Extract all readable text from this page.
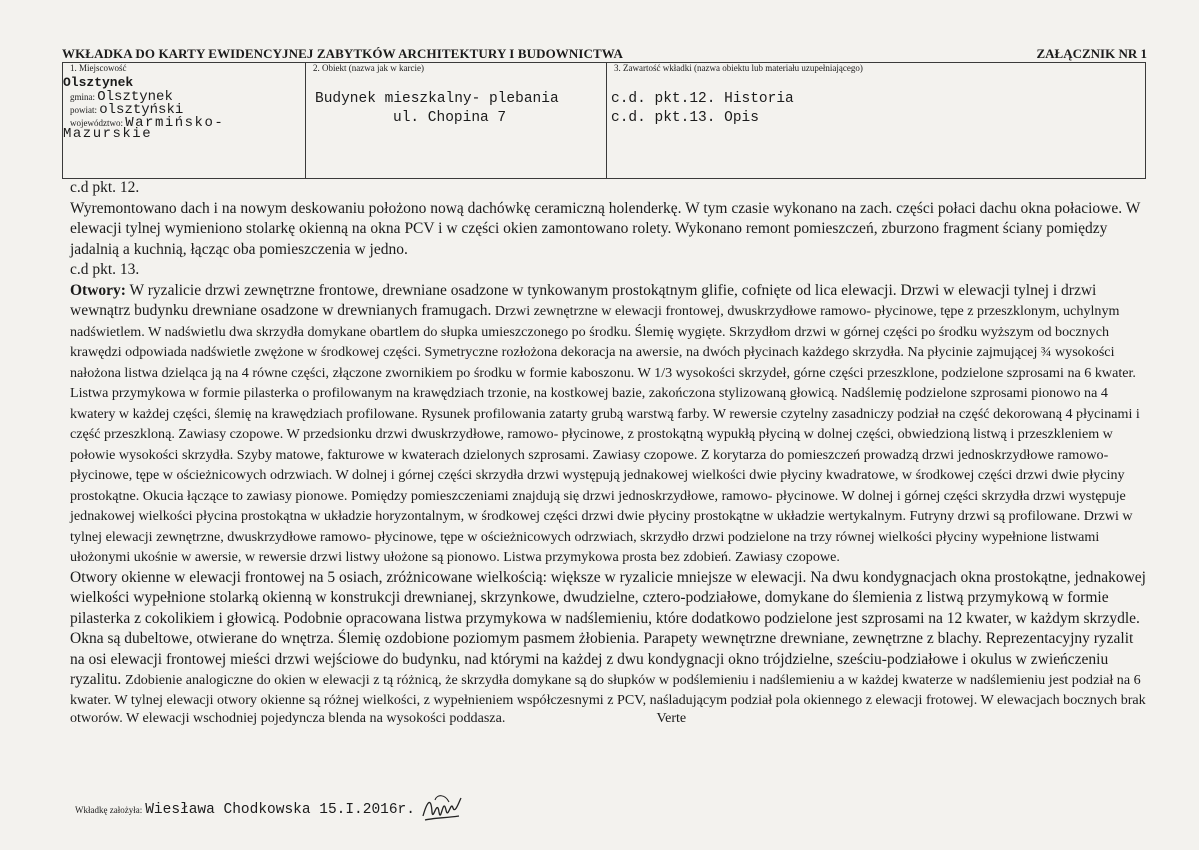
WKŁADKA DO KARTY EWIDENCYJNEJ ZABYTKÓW ARCHITEKTURY I BUDOWNICTWA	ZAŁĄCZNIK NR 1
1. Miejscowość
Olsztynek
gmina: Olsztynek
powiat: olsztyński
województwo: Warmińsko-
Mazurskie
2. Obiekt (nazwa jak w karcie)
Budynek mieszkalny- plebania
ul. Chopina 7
3. Zawartość wkładki (nazwa obiektu lub materiału uzupełniającego)
c.d. pkt.12. Historia
c.d. pkt.13. Opis

c.d pkt. 12.

Wyremontowano dach i na nowym deskowaniu położono nową dachówkę ceramiczną holenderkę. W tym czasie wykonano na zach. części połaci dachu okna połaciowe. W elewacji tylnej wymieniono stolarkę okienną na okna PCV i w części okien zamontowano rolety. Wykonano remont pomieszczeń, zburzono fragment ściany pomiędzy jadalnią a kuchnią, łącząc oba pomieszczenia w jedno.

c.d pkt. 13.

Otwory: W ryzalicie drzwi zewnętrzne frontowe, drewniane osadzone w tynkowanym prostokątnym glifie, cofnięte od lica elewacji. Drzwi w elewacji tylnej i drzwi wewnątrz budynku drewniane osadzone w drewnianych framugach. Drzwi zewnętrzne w elewacji frontowej, dwuskrzydłowe ramowo- płycinowe, tępe z przeszklonym, uchylnym nadświetlem. W nadświetlu dwa skrzydła domykane obartlem do słupka umieszczonego po środku. Ślemię wygięte. Skrzydłom drzwi w górnej części po środku wyższym od bocznych krawędzi odpowiada nadświetle zwężone w środkowej części. Symetryczne rozłożona dekoracja na awersie, na dwóch płycinach każdego skrzydła. Na płycinie zajmującej ¾ wysokości nałożona listwa dzieląca ją na 4 równe części, złączone zwornikiem po środku w formie kaboszonu. W 1/3 wysokości skrzydeł, górne części przeszklone, podzielone szprosami na 6 kwater. Listwa przymykowa w formie pilasterka o profilowanym na krawędziach trzonie, na kostkowej bazie, zakończona stylizowaną głowicą. Nadślemię podzielone szprosami pionowo na 4 kwatery w każdej części, ślemię na krawędziach profilowane. Rysunek profilowania zatarty grubą warstwą farby. W rewersie czytelny zasadniczy podział na część dekorowaną 4 płycinami i część przeszkloną. Zawiasy czopowe. W przedsionku drzwi dwuskrzydłowe, ramowo- płycinowe, z prostokątną wypukłą płyciną w dolnej części, obwiedzioną listwą i przeszkleniem w połowie wysokości skrzydła. Szyby matowe, fakturowe w kwaterach dzielonych szprosami. Zawiasy czopowe. Z korytarza do pomieszczeń prowadzą drzwi jednoskrzydłowe ramowo- płycinowe, tępe w ościeżnicowych odrzwiach. W dolnej i górnej części skrzydła drzwi występują jednakowej wielkości dwie płyciny kwadratowe, w środkowej części drzwi dwie płyciny prostokątne. Okucia łączące to zawiasy pionowe. Pomiędzy pomieszczeniami znajdują się drzwi jednoskrzydłowe, ramowo- płycinowe. W dolnej i górnej części skrzydła drzwi występuje jednakowej wielkości płycina prostokątna w układzie horyzontalnym, w środkowej części drzwi dwie płyciny prostokątne w układzie wertykalnym. Futryny drzwi są profilowane. Drzwi w tylnej elewacji zewnętrzne, dwuskrzydłowe ramowo- płycinowe, tępe w ościeżnicowych odrzwiach, skrzydło drzwi podzielone na trzy równej wielkości płyciny wypełnione listwami ułożonymi ukośnie w awersie, w rewersie drzwi listwy ułożone są pionowo. Listwa przymykowa prosta bez zdobień. Zawiasy czopowe.

Otwory okienne w elewacji frontowej na 5 osiach, zróżnicowane wielkością: większe w ryzalicie mniejsze w elewacji. Na dwu kondygnacjach okna prostokątne, jednakowej wielkości wypełnione stolarką okienną w konstrukcji drewnianej, skrzynkowe, dwudzielne, cztero-podziałowe, domykane do ślemienia z listwą przymykową w formie pilasterka z cokolikiem i głowicą. Podobnie opracowana listwa przymykowa w nadślemieniu, które dodatkowo podzielone jest szprosami na 12 kwater, w każdym skrzydle. Okna są dubeltowe, otwierane do wnętrza. Ślemię ozdobione poziomym pasmem żłobienia. Parapety wewnętrzne drewniane, zewnętrzne z blachy. Reprezentacyjny ryzalit na osi elewacji frontowej mieści drzwi wejściowe do budynku, nad którymi na każdej z dwu kondygnacji okno trójdzielne, sześciu-podziałowe i okulus w zwieńczeniu ryzalitu. Zdobienie analogiczne do okien w elewacji z tą różnicą, że skrzydła domykane są do słupków w podślemieniu i nadślemieniu a w każdej kwaterze w nadślemieniu jest podział na 6 kwater. W tylnej elewacji otwory okienne są różnej wielkości, z wypełnieniem współczesnymi z PCV, naśladującym podział pola okiennego z elewacji frotowej. W elewacjach bocznych brak otworów. W elewacji wschodniej pojedyncza blenda na wysokości poddasza.	Verte

Wkładkę założyła: Wiesława Chodkowska 15.I.2016r.
